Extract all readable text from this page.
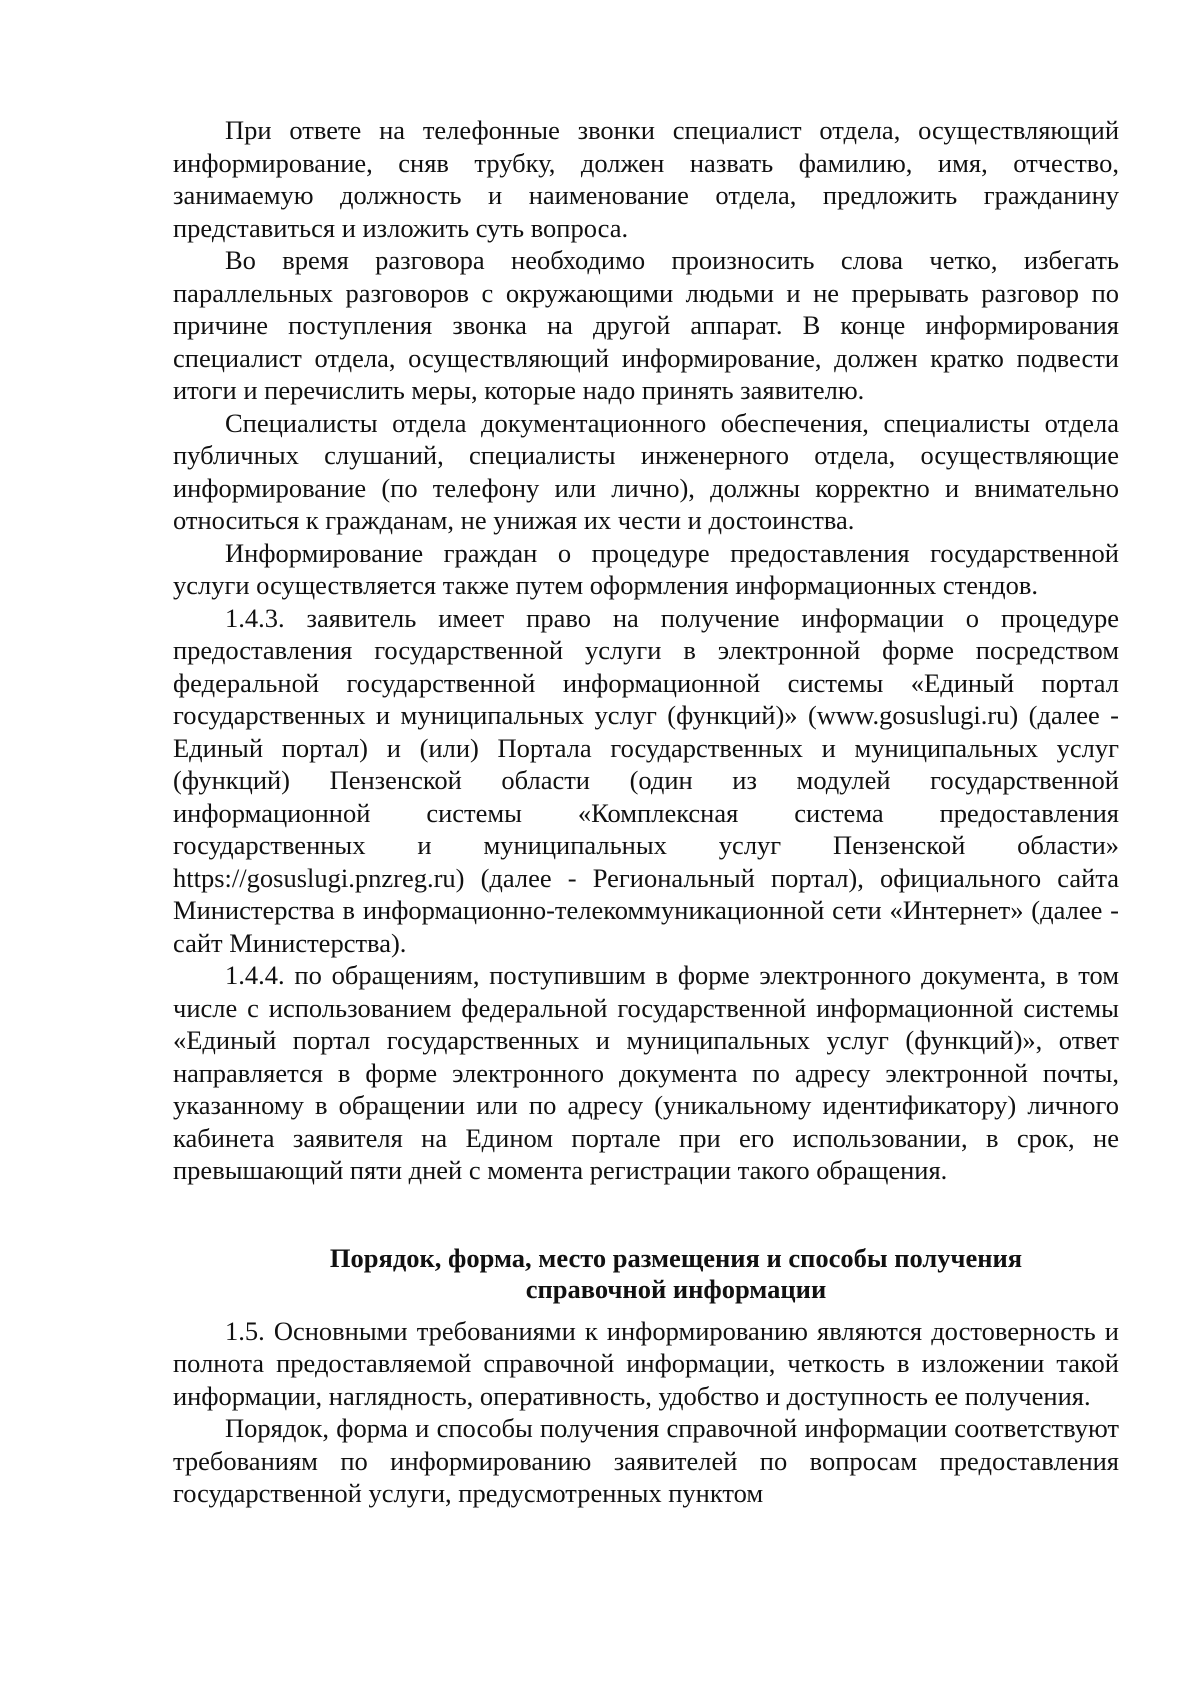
При ответе на телефонные звонки специалист отдела, осуществляющий информирование, сняв трубку, должен назвать фамилию, имя, отчество, занимаемую должность и наименование отдела, предложить гражданину представиться и изложить суть вопроса.

Во время разговора необходимо произносить слова четко, избегать параллельных разговоров с окружающими людьми и не прерывать разговор по причине поступления звонка на другой аппарат. В конце информирования специалист отдела, осуществляющий информирование, должен кратко подвести итоги и перечислить меры, которые надо принять заявителю.

Специалисты отдела документационного обеспечения, специалисты отдела публичных слушаний, специалисты инженерного отдела, осуществляющие информирование (по телефону или лично), должны корректно и внимательно относиться к гражданам, не унижая их чести и достоинства.

Информирование граждан о процедуре предоставления государственной услуги осуществляется также путем оформления информационных стендов.

1.4.3. заявитель имеет право на получение информации о процедуре предоставления государственной услуги в электронной форме посредством федеральной государственной информационной системы «Единый портал государственных и муниципальных услуг (функций)» (www.gosuslugi.ru) (далее - Единый портал) и (или) Портала государственных и муниципальных услуг (функций) Пензенской области (один из модулей государственной информационной системы «Комплексная система предоставления государственных и муниципальных услуг Пензенской области» https://gosuslugi.pnzreg.ru) (далее - Региональный портал), официального сайта Министерства в информационно-телекоммуникационной сети «Интернет» (далее - сайт Министерства).

1.4.4. по обращениям, поступившим в форме электронного документа, в том числе с использованием федеральной государственной информационной системы «Единый портал государственных и муниципальных услуг (функций)», ответ направляется в форме электронного документа по адресу электронной почты, указанному в обращении или по адресу (уникальному идентификатору) личного кабинета заявителя на Едином портале при его использовании, в срок, не превышающий пяти дней с момента регистрации такого обращения.

Порядок, форма, место размещения и способы получения
справочной информации

1.5. Основными требованиями к информированию являются достоверность и полнота предоставляемой справочной информации, четкость в изложении такой информации, наглядность, оперативность, удобство и доступность ее получения.

Порядок, форма и способы получения справочной информации соответствуют требованиям по информированию заявителей по вопросам предоставления государственной услуги, предусмотренных пунктом
